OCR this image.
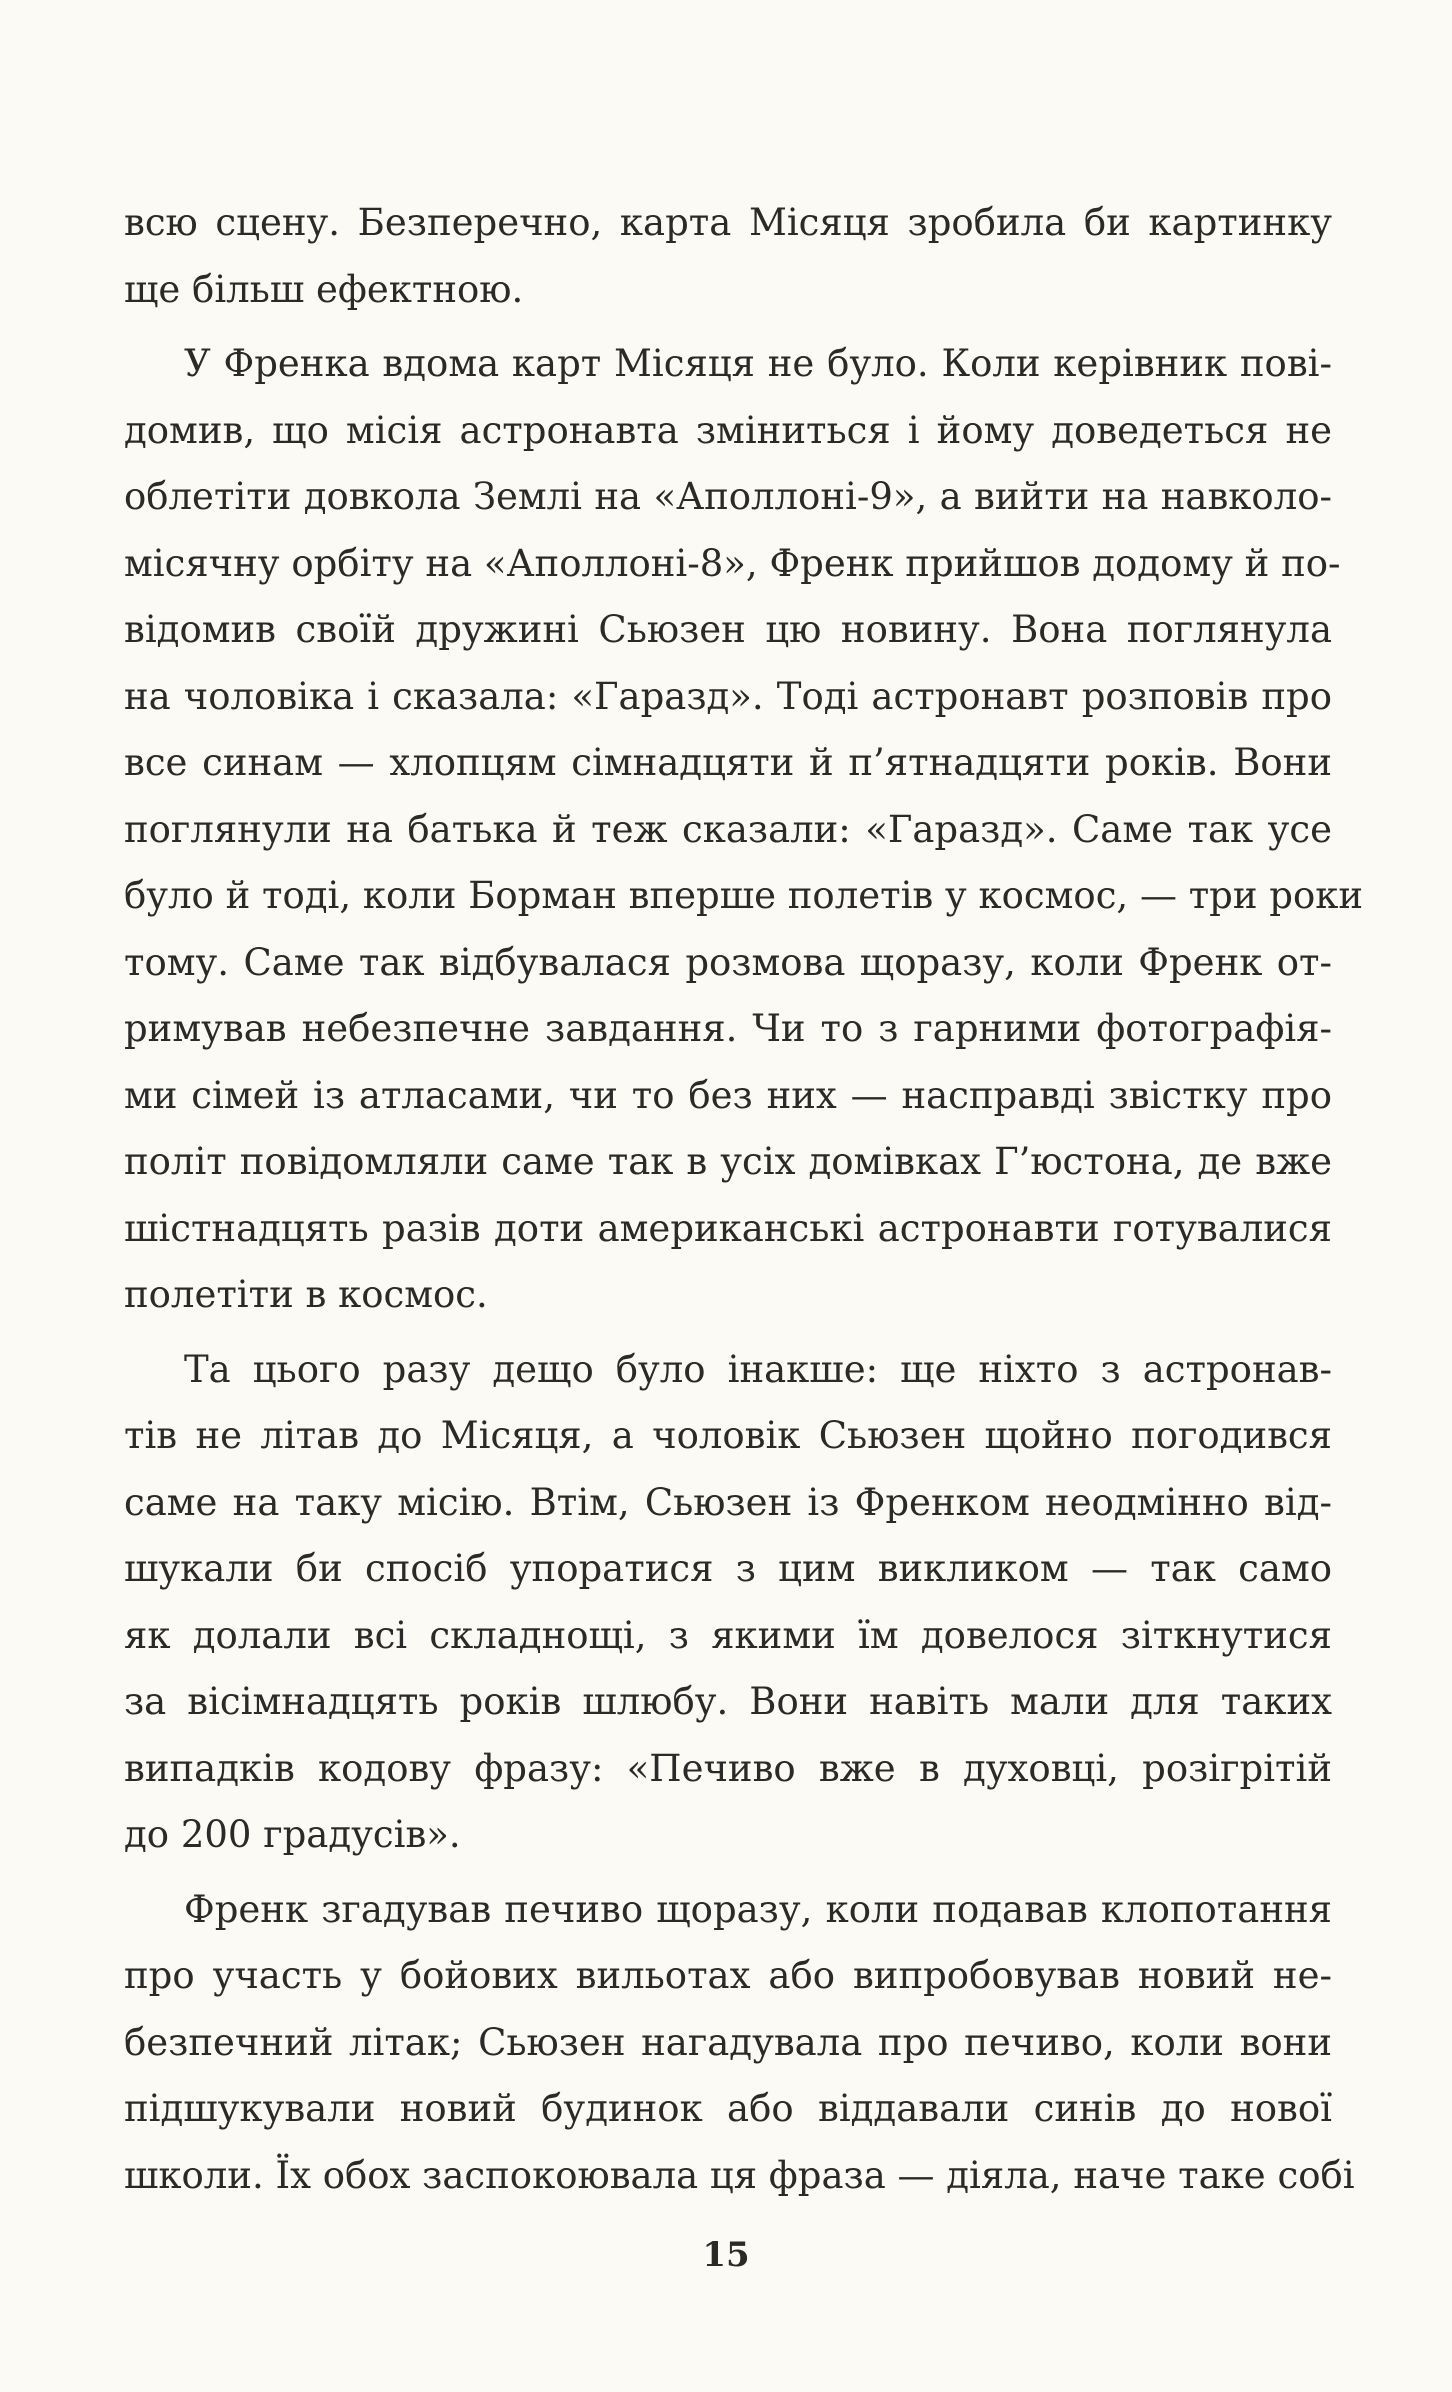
всю сцену. Безперечно, карта Місяця зробила би картинку
ще більш ефектною.
У Френка вдома карт Місяця не було. Коли керівник пові-
домив, що місія астронавта зміниться і йому доведеться не
облетіти довкола Землі на «Аполлоні-9», а вийти на навколо-
місячну орбіту на «Аполлоні-8», Френк прийшов додому й по-
відомив своїй дружині Сьюзен цю новину. Вона поглянула
на чоловіка і сказала: «Гаразд». Тоді астронавт розповів про
все синам — хлопцям сімнадцяти й п’ятнадцяти років. Вони
поглянули на батька й теж сказали: «Гаразд». Саме так усе
було й тоді, коли Борман вперше полетів у космос, — три роки
тому. Саме так відбувалася розмова щоразу, коли Френк от-
римував небезпечне завдання. Чи то з гарними фотографія-
ми сімей із атласами, чи то без них — насправді звістку про
політ повідомляли саме так в усіх домівках Г’юстона, де вже
шістнадцять разів доти американські астронавти готувалися
полетіти в космос.
Та цього разу дещо було інакше: ще ніхто з астронав-
тів не літав до Місяця, а чоловік Сьюзен щойно погодився
саме на таку місію. Втім, Сьюзен із Френком неодмінно від-
шукали би спосіб упоратися з цим викликом — так само
як долали всі складнощі, з якими їм довелося зіткнутися
за вісімнадцять років шлюбу. Вони навіть мали для таких
випадків кодову фразу: «Печиво вже в духовці, розігрітій
до 200 градусів».
Френк згадував печиво щоразу, коли подавав клопотання
про участь у бойових вильотах або випробовував новий не-
безпечний літак; Сьюзен нагадувала про печиво, коли вони
підшукували новий будинок або віддавали синів до нової
школи. Їх обох заспокоювала ця фраза — діяла, наче таке собі
15
